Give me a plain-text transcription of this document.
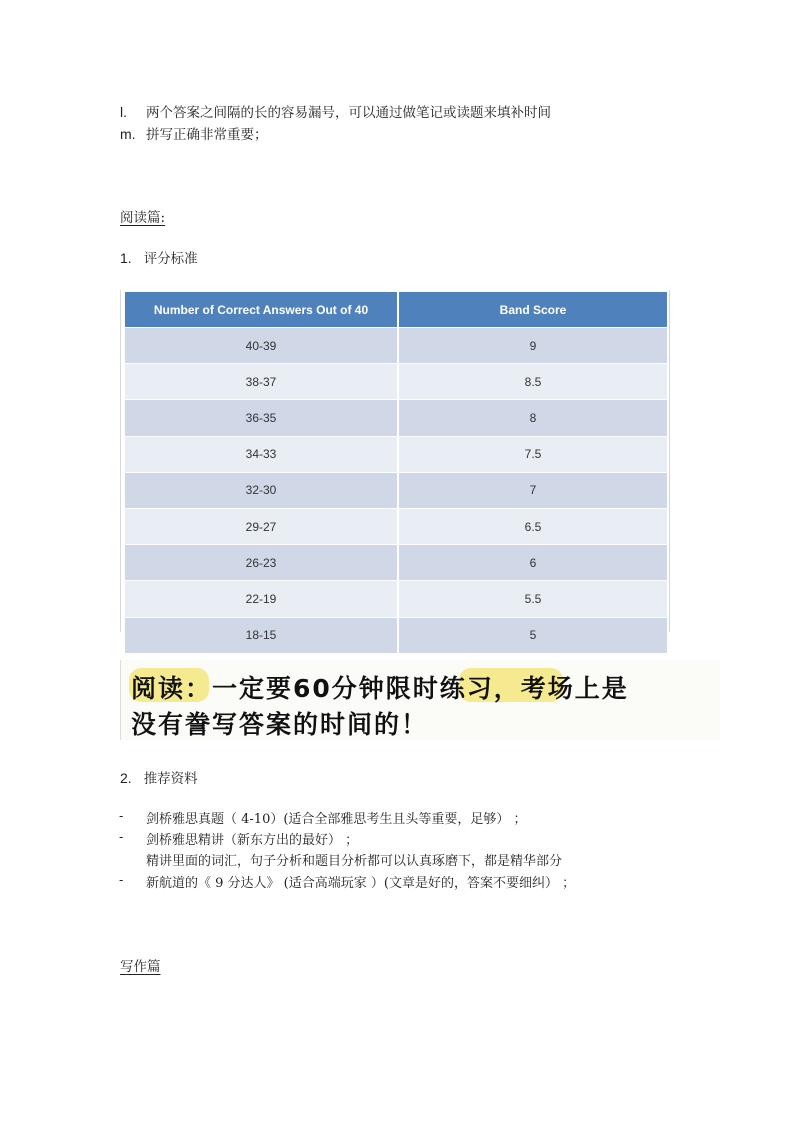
l. 两个答案之间隔的长的容易漏号，可以通过做笔记或读题来填补时间
m. 拼写正确非常重要；
阅读篇:
1. 评分标准
Number of Correct Answers Out of 40	Band Score
40-39	9
38-37	8.5
36-35	8
34-33	7.5
32-30	7
29-27	6.5
26-23	6
22-19	5.5
18-15	5
阅读：一定要60分钟限时练习，考场上是
没有誊写答案的时间的！
2. 推荐资料
- 剑桥雅思真题（ 4-10）(适合全部雅思考生且头等重要，足够） ；
- 剑桥雅思精讲（新东方出的最好） ；
精讲里面的词汇，句子分析和题目分析都可以认真琢磨下，都是精华部分
- 新航道的《 9 分达人》 (适合高端玩家 ）(文章是好的，答案不要细纠） ；
写作篇
